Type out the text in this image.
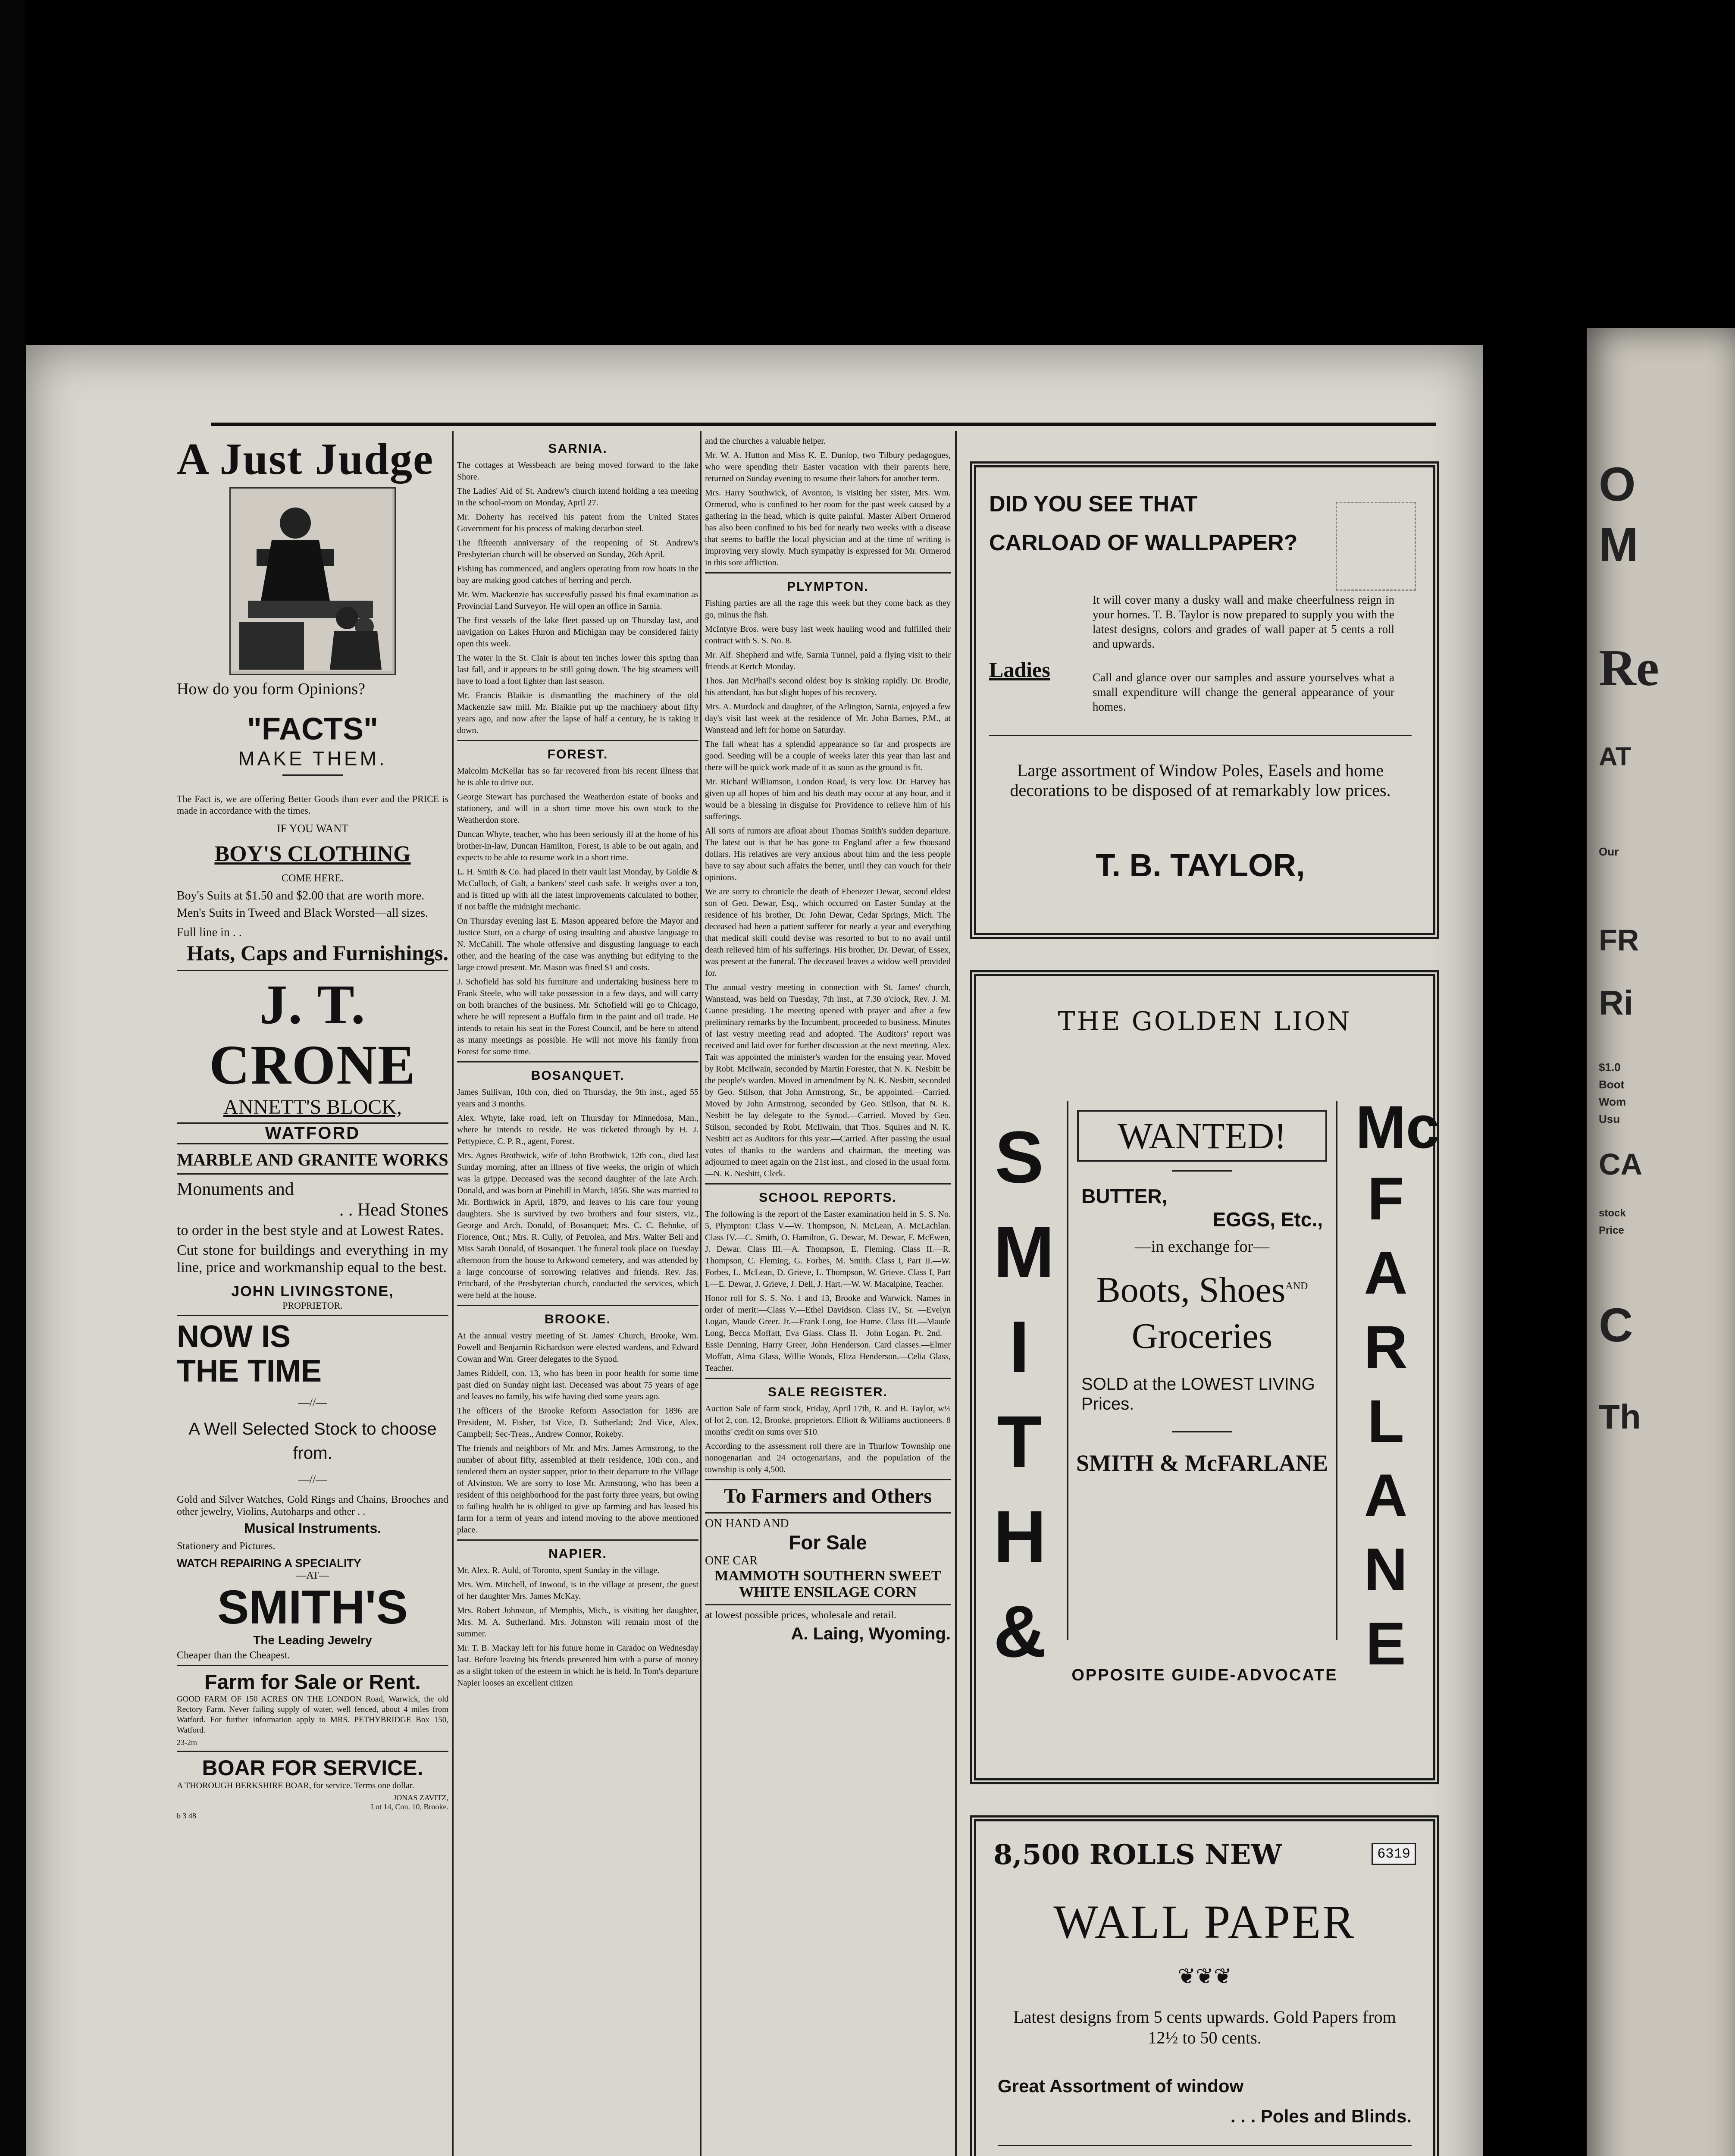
A Just Judge
How do you form Opinions?
"FACTS"
MAKE THEM.

The Fact is, we are offering Better Goods than ever and the PRICE is made in accordance with the times.

IF YOU WANT
BOY'S CLOTHING
COME HERE.

Boy's Suits at $1.50 and $2.00 that are worth more.

Men's Suits in Tweed and Black Worsted—all sizes.

Full line in . .
Hats, Caps and Furnishings.
J. T. CRONE
ANNETT'S BLOCK,
WATFORD
MARBLE AND GRANITE WORKS
Monuments and
. . Head Stones

to order in the best style and at Lowest Rates.

Cut stone for buildings and everything in my line, price and workmanship equal to the best.

JOHN LIVINGSTONE,
PROPRIETOR.
NOW IS THE TIME
—//—
A Well Selected Stock to choose from.
—//—

Gold and Silver Watches, Gold Rings and Chains, Brooches and other jewelry, Violins, Autoharps and other . .

Musical Instruments.
Stationery and Pictures.
WATCH REPAIRING A SPECIALITY
—AT—
SMITH'S
The Leading Jewelry
Cheaper than the Cheapest.
Farm for Sale or Rent.

GOOD FARM OF 150 ACRES ON THE LONDON Road, Warwick, the old Rectory Farm. Never failing supply of water, well fenced, about 4 miles from Watford. For further information apply to MRS. PETHYBRIDGE Box 150, Watford.

23-2m
BOAR FOR SERVICE.

A THOROUGH BERKSHIRE BOAR, for service. Terms one dollar.

JONAS ZAVITZ,
Lot 14, Con. 10, Brooke.
b 3 48
SARNIA.

The cottages at Wessbeach are being moved forward to the lake Shore.

The Ladies' Aid of St. Andrew's church intend holding a tea meeting in the school-room on Monday, April 27.

Mr. Doherty has received his patent from the United States Government for his process of making decarbon steel.

The fifteenth anniversary of the reopening of St. Andrew's Presbyterian church will be observed on Sunday, 26th April.

Fishing has commenced, and anglers operating from row boats in the bay are making good catches of herring and perch.

Mr. Wm. Mackenzie has successfully passed his final examination as Provincial Land Surveyor. He will open an office in Sarnia.

The first vessels of the lake fleet passed up on Thursday last, and navigation on Lakes Huron and Michigan may be considered fairly open this week.

The water in the St. Clair is about ten inches lower this spring than last fall, and it appears to be still going down. The big steamers will have to load a foot lighter than last season.

Mr. Francis Blaikie is dismantling the machinery of the old Mackenzie saw mill. Mr. Blaikie put up the machinery about fifty years ago, and now after the lapse of half a century, he is taking it down.

FOREST.

Malcolm McKellar has so far recovered from his recent illness that he is able to drive out.

George Stewart has purchased the Weatherdon estate of books and stationery, and will in a short time move his own stock to the Weatherdon store.

Duncan Whyte, teacher, who has been seriously ill at the home of his brother-in-law, Duncan Hamilton, Forest, is able to be out again, and expects to be able to resume work in a short time.

L. H. Smith & Co. had placed in their vault last Monday, by Goldie & McCulloch, of Galt, a bankers' steel cash safe. It weighs over a ton, and is fitted up with all the latest improvements calculated to bother, if not baffle the midnight mechanic.

On Thursday evening last E. Mason appeared before the Mayor and Justice Stutt, on a charge of using insulting and abusive language to N. McCahill. The whole offensive and disgusting language to each other, and the hearing of the case was anything but edifying to the large crowd present. Mr. Mason was fined $1 and costs.

J. Schofield has sold his furniture and undertaking business here to Frank Steele, who will take possession in a few days, and will carry on both branches of the business. Mr. Schofield will go to Chicago, where he will represent a Buffalo firm in the paint and oil trade. He intends to retain his seat in the Forest Council, and be here to attend as many meetings as possible. He will not move his family from Forest for some time.

BOSANQUET.

James Sullivan, 10th con, died on Thursday, the 9th inst., aged 55 years and 3 months.

Alex. Whyte, lake road, left on Thursday for Minnedosa, Man., where he intends to reside. He was ticketed through by H. J. Pettypiece, C. P. R., agent, Forest.

Mrs. Agnes Brothwick, wife of John Brothwick, 12th con., died last Sunday morning, after an illness of five weeks, the origin of which was la grippe. Deceased was the second daughter of the late Arch. Donald, and was born at Pinehill in March, 1856. She was married to Mr. Borthwick in April, 1879, and leaves to his care four young daughters. She is survived by two brothers and four sisters, viz., George and Arch. Donald, of Bosanquet; Mrs. C. C. Behnke, of Florence, Ont.; Mrs. R. Cully, of Petrolea, and Mrs. Walter Bell and Miss Sarah Donald, of Bosanquet. The funeral took place on Tuesday afternoon from the house to Arkwood cemetery, and was attended by a large concourse of sorrowing relatives and friends. Rev. Jas. Pritchard, of the Presbyterian church, conducted the services, which were held at the house.

BROOKE.

At the annual vestry meeting of St. James' Church, Brooke, Wm. Powell and Benjamin Richardson were elected wardens, and Edward Cowan and Wm. Greer delegates to the Synod.

James Riddell, con. 13, who has been in poor health for some time past died on Sunday night last. Deceased was about 75 years of age and leaves no family, his wife having died some years ago.

The officers of the Brooke Reform Association for 1896 are President, M. Fisher, 1st Vice, D. Sutherland; 2nd Vice, Alex. Campbell; Sec-Treas., Andrew Connor, Rokeby.

The friends and neighbors of Mr. and Mrs. James Armstrong, to the number of about fifty, assembled at their residence, 10th con., and tendered them an oyster supper, prior to their departure to the Village of Alvinston. We are sorry to lose Mr. Armstrong, who has been a resident of this neighborhood for the past forty three years, but owing to failing health he is obliged to give up farming and has leased his farm for a term of years and intend moving to the above mentioned place.

NAPIER.

Mr. Alex. R. Auld, of Toronto, spent Sunday in the village.

Mrs. Wm. Mitchell, of Inwood, is in the village at present, the guest of her daughter Mrs. James McKay.

Mrs. Robert Johnston, of Memphis, Mich., is visiting her daughter, Mrs. M. A. Sutherland. Mrs. Johnston will remain most of the summer.

Mr. T. B. Mackay left for his future home in Caradoc on Wednesday last. Before leaving his friends presented him with a purse of money as a slight token of the esteem in which he is held. In Tom's departure Napier looses an excellent citizen

and the churches a valuable helper.

Mr. W. A. Hutton and Miss K. E. Dunlop, two Tilbury pedagogues, who were spending their Easter vacation with their parents here, returned on Sunday evening to resume their labors for another term.

Mrs. Harry Southwick, of Avonton, is visiting her sister, Mrs. Wm. Ormerod, who is confined to her room for the past week caused by a gathering in the head, which is quite painful. Master Albert Ormerod has also been confined to his bed for nearly two weeks with a disease that seems to baffle the local physician and at the time of writing is improving very slowly. Much sympathy is expressed for Mr. Ormerod in this sore affliction.

PLYMPTON.

Fishing parties are all the rage this week but they come back as they go, minus the fish.

McIntyre Bros. were busy last week hauling wood and fulfilled their contract with S. S. No. 8.

Mr. Alf. Shepherd and wife, Sarnia Tunnel, paid a flying visit to their friends at Kertch Monday.

Thos. Jan McPhail's second oldest boy is sinking rapidly. Dr. Brodie, his attendant, has but slight hopes of his recovery.

Mrs. A. Murdock and daughter, of the Arlington, Sarnia, enjoyed a few day's visit last week at the residence of Mr. John Barnes, P.M., at Wanstead and left for home on Saturday.

The fall wheat has a splendid appearance so far and prospects are good. Seeding will be a couple of weeks later this year than last and there will be quick work made of it as soon as the ground is fit.

Mr. Richard Williamson, London Road, is very low. Dr. Harvey has given up all hopes of him and his death may occur at any hour, and it would be a blessing in disguise for Providence to relieve him of his sufferings.

All sorts of rumors are afloat about Thomas Smith's sudden departure. The latest out is that he has gone to England after a few thousand dollars. His relatives are very anxious about him and the less people have to say about such affairs the better, until they can vouch for their opinions.

We are sorry to chronicle the death of Ebenezer Dewar, second eldest son of Geo. Dewar, Esq., which occurred on Easter Sunday at the residence of his brother, Dr. John Dewar, Cedar Springs, Mich. The deceased had been a patient sufferer for nearly a year and everything that medical skill could devise was resorted to but to no avail until death relieved him of his sufferings. His brother, Dr. Dewar, of Essex, was present at the funeral. The deceased leaves a widow well provided for.

The annual vestry meeting in connection with St. James' church, Wanstead, was held on Tuesday, 7th inst., at 7.30 o'clock, Rev. J. M. Gunne presiding. The meeting opened with prayer and after a few preliminary remarks by the Incumbent, proceeded to business. Minutes of last vestry meeting read and adopted. The Auditors' report was received and laid over for further discussion at the next meeting. Alex. Tait was appointed the minister's warden for the ensuing year. Moved by Robt. McIlwain, seconded by Martin Forester, that N. K. Nesbitt be the people's warden. Moved in amendment by N. K. Nesbitt, seconded by Geo. Stilson, that John Armstrong, Sr., be appointed.—Carried. Moved by John Armstrong, seconded by Geo. Stilson, that N. K. Nesbitt be lay delegate to the Synod.—Carried. Moved by Geo. Stilson, seconded by Robt. McIlwain, that Thos. Squires and N. K. Nesbitt act as Auditors for this year.—Carried. After passing the usual votes of thanks to the wardens and chairman, the meeting was adjourned to meet again on the 21st inst., and closed in the usual form.—N. K. Nesbitt, Clerk.

SCHOOL REPORTS.

The following is the report of the Easter examination held in S. S. No. 5, Plympton: Class V.—W. Thompson, N. McLean, A. McLachlan. Class IV.—C. Smith, O. Hamilton, G. Dewar, M. Dewar, F. McEwen, J. Dewar. Class III.—A. Thompson, E. Fleming. Class II.—R. Thompson, C. Fleming, G. Forbes, M. Smith. Class I, Part II.—W. Forbes, L. McLean, D. Grieve, L. Thompson, W. Grieve. Class I, Part I.—E. Dewar, J. Grieve, J. Dell, J. Hart.—W. W. Macalpine, Teacher.

Honor roll for S. S. No. 1 and 13, Brooke and Warwick. Names in order of merit:—Class V.—Ethel Davidson. Class IV., Sr. —Evelyn Logan, Maude Greer. Jr.—Frank Long, Joe Hume. Class III.—Maude Long, Becca Moffatt, Eva Glass. Class II.—John Logan. Pt. 2nd.—Essie Denning, Harry Greer, John Henderson. Card classes.—Elmer Moffatt, Alma Glass, Willie Woods, Eliza Henderson.—Celia Glass, Teacher.

SALE REGISTER.

Auction Sale of farm stock, Friday, April 17th, R. and B. Taylor, w½ of lot 2, con. 12, Brooke, proprietors. Elliott & Williams auctioneers. 8 months' credit on sums over $10.

According to the assessment roll there are in Thurlow Township one nonogenarian and 24 octogenarians, and the population of the township is only 4,500.

To Farmers and Others
ON HAND AND
For Sale
ONE CAR
MAMMOTH SOUTHERN SWEET
WHITE ENSILAGE CORN

at lowest possible prices, wholesale and retail.

A. Laing, Wyoming.
DID YOU SEE THAT
CARLOAD OF WALLPAPER?
Ladies

It will cover many a dusky wall and make cheerfulness reign in your homes. T. B. Taylor is now prepared to supply you with the latest designs, colors and grades of wall paper at 5 cents a roll and upwards.

Call and glance over our samples and assure yourselves what a small expenditure will change the general appearance of your homes.

Large assortment of Window Poles, Easels and home decorations to be disposed of at remarkably low prices.
T. B. TAYLOR,
THE GOLDEN LION
S
M
I
T
H
&
Mc
F
A
R
L
A
N
E
WANTED!
BUTTER,
EGGS, Etc.,
—in exchange for—
Boots, Shoes$^{AND}$
Groceries
SOLD at the LOWEST LIVING Prices.
SMITH & McFARLANE
OPPOSITE GUIDE-ADVOCATE
8,500 ROLLS NEW	6319
WALL PAPER
❦❦❦
Latest designs from 5 cents upwards. Gold Papers from 12½ to 50 cents.
Great Assortment of window
. . . Poles and Blinds.
O
M
Re
AT
Our
FR
Ri
$1.0
Boot
Wom
Usu
CA
stock
Price
C
Th
